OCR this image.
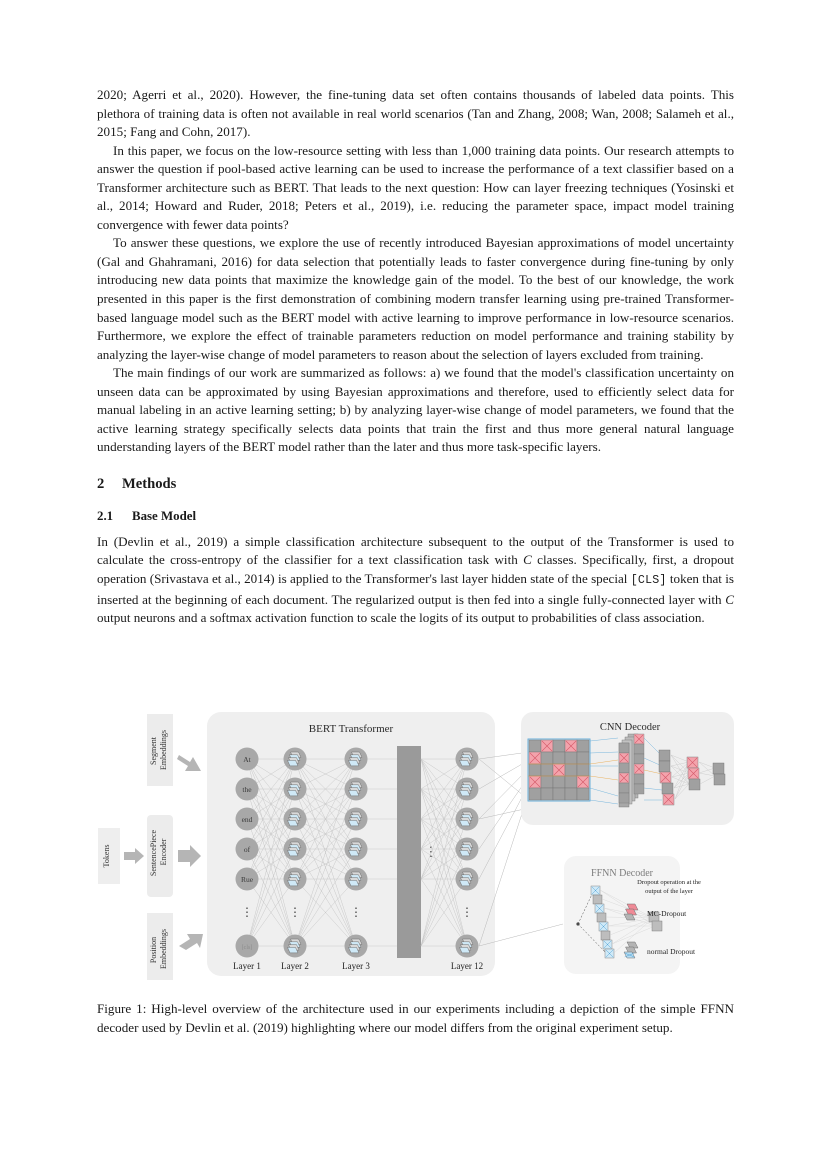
2020; Agerri et al., 2020). However, the fine-tuning data set often contains thousands of labeled data points. This plethora of training data is often not available in real world scenarios (Tan and Zhang, 2008; Wan, 2008; Salameh et al., 2015; Fang and Cohn, 2017).

In this paper, we focus on the low-resource setting with less than 1,000 training data points. Our research attempts to answer the question if pool-based active learning can be used to increase the performance of a text classifier based on a Transformer architecture such as BERT. That leads to the next question: How can layer freezing techniques (Yosinski et al., 2014; Howard and Ruder, 2018; Peters et al., 2019), i.e. reducing the parameter space, impact model training convergence with fewer data points?

To answer these questions, we explore the use of recently introduced Bayesian approximations of model uncertainty (Gal and Ghahramani, 2016) for data selection that potentially leads to faster convergence during fine-tuning by only introducing new data points that maximize the knowledge gain of the model. To the best of our knowledge, the work presented in this paper is the first demonstration of combining modern transfer learning using pre-trained Transformer-based language model such as the BERT model with active learning to improve performance in low-resource scenarios. Furthermore, we explore the effect of trainable parameters reduction on model performance and training stability by analyzing the layer-wise change of model parameters to reason about the selection of layers excluded from training.

The main findings of our work are summarized as follows: a) we found that the model's classification uncertainty on unseen data can be approximated by using Bayesian approximations and therefore, used to efficiently select data for manual labeling in an active learning setting; b) by analyzing layer-wise change of model parameters, we found that the active learning strategy specifically selects data points that train the first and thus more general natural language understanding layers of the BERT model rather than the later and thus more task-specific layers.

2 Methods
2.1 Base Model

In (Devlin et al., 2019) a simple classification architecture subsequent to the output of the Transformer is used to calculate the cross-entropy of the classifier for a text classification task with C classes. Specifically, first, a dropout operation (Srivastava et al., 2014) is applied to the Transformer's last layer hidden state of the special [CLS] token that is inserted at the beginning of each document. The regularized output is then fed into a single fully-connected layer with C output neurons and a softmax activation function to scale the logits of its output to probabilities of class association.

Tokens	SentencePiece Encoder
Segment Embeddings
Position Embeddings
BERT Transformer
⋮
At
the
end
of
Rue
⋮
[cls]
⋮	⋮	⋮
Layer 1 Layer 2	Layer 3	Layer 12
CNN Decoder
FFNN Decoder
Dropout operation at the
output of the layer
MC-Dropout
normal Dropout
Figure 1: High-level overview of the architecture used in our experiments including a depiction of the simple FFNN decoder used by Devlin et al. (2019) highlighting where our model differs from the original experiment setup.
